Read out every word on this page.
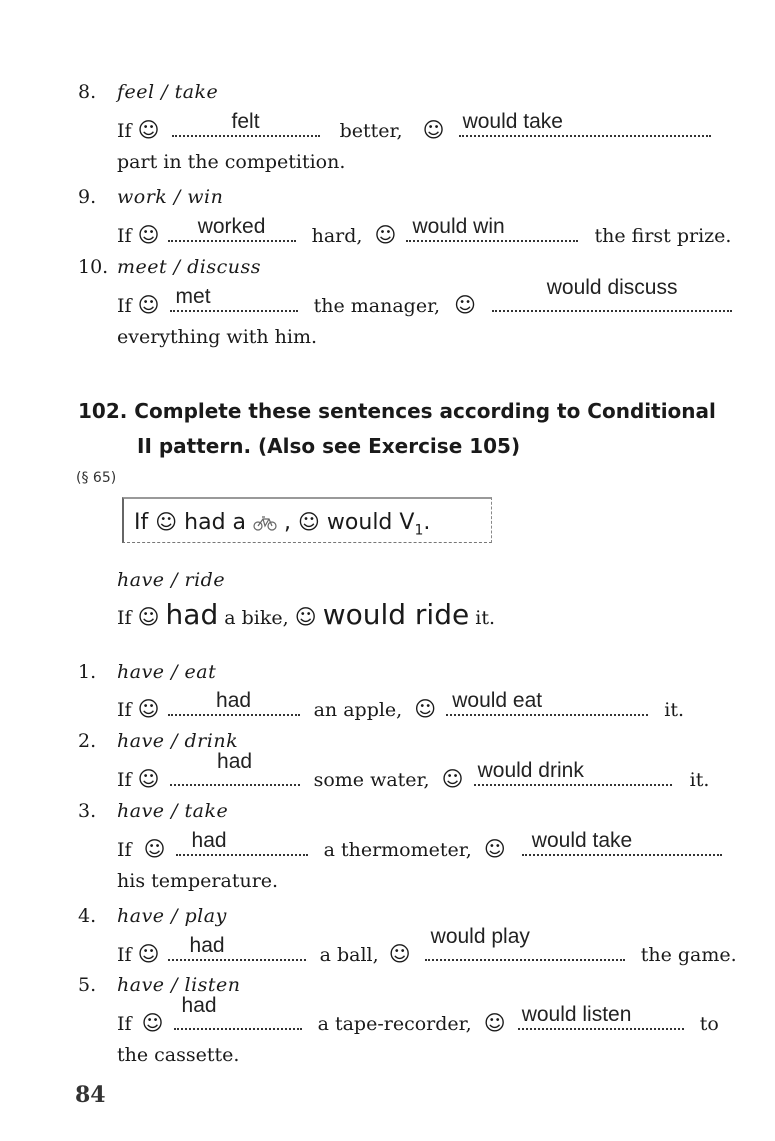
8. feel / take
If ☺	felt	better, ☺ would take
part in the competition.
9. work / win
If ☺	worked	hard, ☺ would win	the first prize.
10. meet / discuss
If ☺ met	the manager, ☺
would discuss
everything with him.
102. Complete these sentences according to Conditional
II pattern. (Also see Exercise 105)
(§ 65)
If ☺ had a , ☺ would $V_1$.
have / ride
If ☺ had a bike, ☺ would ride it.
1. have / eat
If ☺	had	an apple, ☺ would eat	it.
2. have / drink
If ☺
had
some water, ☺ would drink	it.
3. have / take
If ☺ had	a thermometer, ☺ would take
his temperature.
4. have / play
If ☺ had	a ball, ☺
would play
the game.
5. have / listen
If ☺
had
a tape-recorder, ☺ would listen	to
the cassette.
84
